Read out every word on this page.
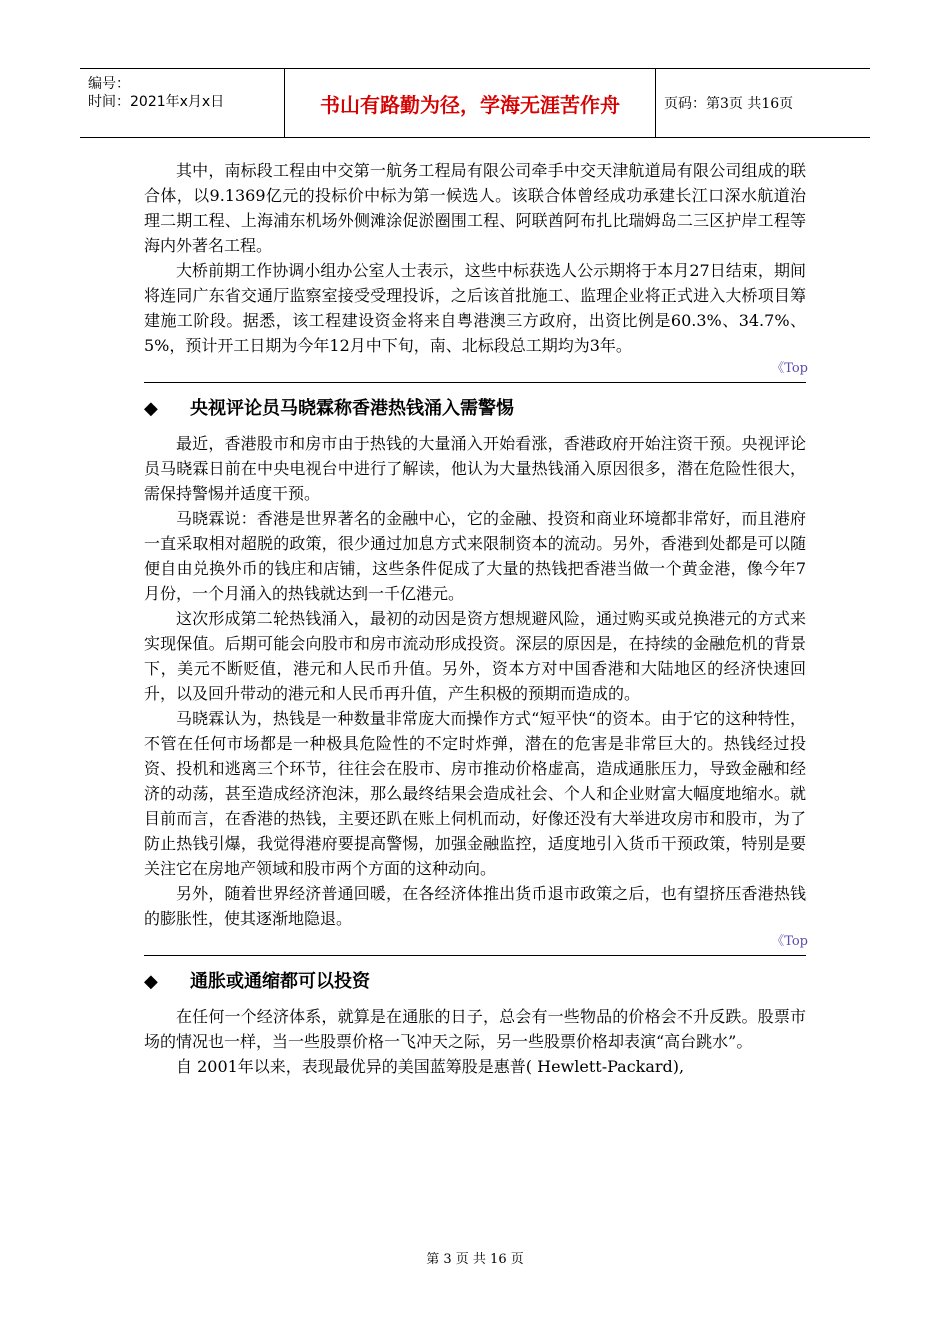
编号：
时间：2021年x月x日	书山有路勤为径，学海无涯苦作舟	页码：第3页 共16页

其中，南标段工程由中交第一航务工程局有限公司牵手中交天津航道局有限公司组成的联合体，以9.1369亿元的投标价中标为第一候选人。该联合体曾经成功承建长江口深水航道治理二期工程、上海浦东机场外侧滩涂促淤圈围工程、阿联酋阿布扎比瑞姆岛二三区护岸工程等海内外著名工程。

大桥前期工作协调小组办公室人士表示，这些中标获选人公示期将于本月27日结束，期间将连同广东省交通厅监察室接受受理投诉，之后该首批施工、监理企业将正式进入大桥项目筹建施工阶段。据悉，该工程建设资金将来自粤港澳三方政府，出资比例是60.3%、34.7%、5%，预计开工日期为今年12月中下旬，南、北标段总工期均为3年。

《Top
◆ 央视评论员马晓霖称香港热钱涌入需警惕

最近，香港股市和房市由于热钱的大量涌入开始看涨，香港政府开始注资干预。央视评论员马晓霖日前在中央电视台中进行了解读，他认为大量热钱涌入原因很多，潜在危险性很大，需保持警惕并适度干预。

马晓霖说：香港是世界著名的金融中心，它的金融、投资和商业环境都非常好，而且港府一直采取相对超脱的政策，很少通过加息方式来限制资本的流动。另外，香港到处都是可以随便自由兑换外币的钱庄和店铺，这些条件促成了大量的热钱把香港当做一个黄金港，像今年7月份，一个月涌入的热钱就达到一千亿港元。

这次形成第二轮热钱涌入，最初的动因是资方想规避风险，通过购买或兑换港元的方式来实现保值。后期可能会向股市和房市流动形成投资。深层的原因是，在持续的金融危机的背景下，美元不断贬值，港元和人民币升值。另外，资本方对中国香港和大陆地区的经济快速回升，以及回升带动的港元和人民币再升值，产生积极的预期而造成的。

马晓霖认为，热钱是一种数量非常庞大而操作方式“短平快“的资本。由于它的这种特性，不管在任何市场都是一种极具危险性的不定时炸弹，潜在的危害是非常巨大的。热钱经过投资、投机和逃离三个环节，往往会在股市、房市推动价格虚高，造成通胀压力，导致金融和经济的动荡，甚至造成经济泡沫，那么最终结果会造成社会、个人和企业财富大幅度地缩水。就目前而言，在香港的热钱，主要还趴在账上伺机而动，好像还没有大举进攻房市和股市，为了防止热钱引爆，我觉得港府要提高警惕，加强金融监控，适度地引入货币干预政策，特别是要关注它在房地产领域和股市两个方面的这种动向。

另外，随着世界经济普通回暖，在各经济体推出货币退市政策之后，也有望挤压香港热钱的膨胀性，使其逐渐地隐退。

《Top
◆ 通胀或通缩都可以投资

在任何一个经济体系，就算是在通胀的日子，总会有一些物品的价格会不升反跌。股票市场的情况也一样，当一些股票价格一飞冲天之际，另一些股票价格却表演“高台跳水”。

自 2001年以来，表现最优异的美国蓝筹股是惠普( Hewlett-Packard),

第 3 页 共 16 页
